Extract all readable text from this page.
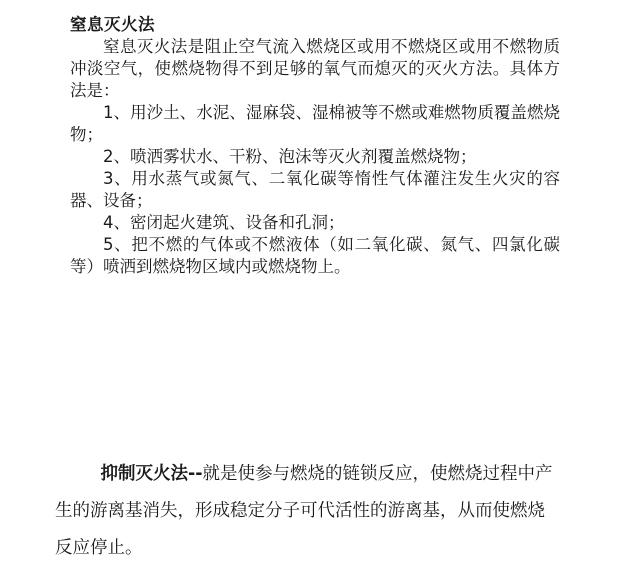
窒息灭火法

窒息灭火法是阻止空气流入燃烧区或用不燃烧区或用不燃物质冲淡空气，使燃烧物得不到足够的氧气而熄灭的灭火方法。具体方法是：

1、用沙土、水泥、湿麻袋、湿棉被等不燃或难燃物质覆盖燃烧物；

2、喷洒雾状水、干粉、泡沫等灭火剂覆盖燃烧物；

3、用水蒸气或氮气、二氧化碳等惰性气体灌注发生火灾的容器、设备；

4、密闭起火建筑、设备和孔洞；

5、把不燃的气体或不燃液体（如二氧化碳、氮气、四氯化碳等）喷洒到燃烧物区域内或燃烧物上。

抑制灭火法--就是使参与燃烧的链锁反应，使燃烧过程中产生的游离基消失，形成稳定分子可代活性的游离基，从而使燃烧反应停止。
